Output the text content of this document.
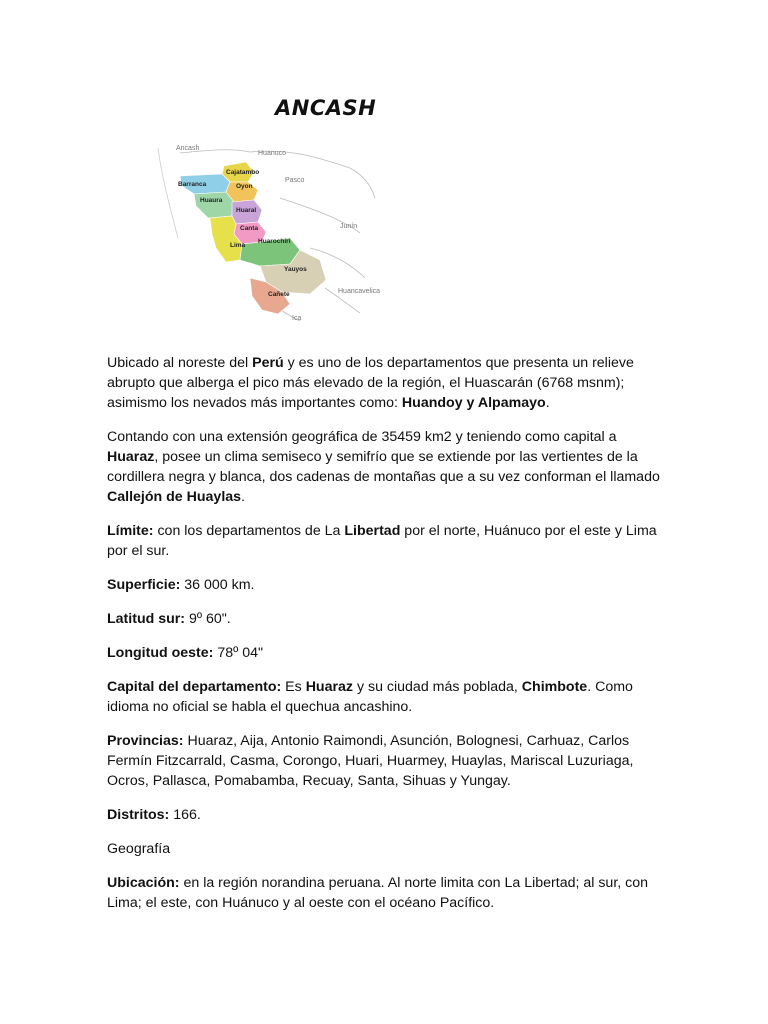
ANCASH
Ancash
Huanuco
Pasco
Junín
Huancavelica
Ica
Cajatambo
Barranca	Oyon
Huaura
Huaral
Canta
Lima
Huarochiri
Yauyos
Cañete

Ubicado al noreste del Perú y es uno de los departamentos que presenta un relieve abrupto que alberga el pico más elevado de la región, el Huascarán (6768 msnm); asimismo los nevados más importantes como: Huandoy y Alpamayo.

Contando con una extensión geográfica de 35459 km2 y teniendo como capital a Huaraz, posee un clima semiseco y semifrío que se extiende por las vertientes de la cordillera negra y blanca, dos cadenas de montañas que a su vez conforman el llamado Callejón de Huaylas.

Límite: con los departamentos de La Libertad por el norte, Huánuco por el este y Lima por el sur.

Superficie: 36 000 km.

Latitud sur: 9º 60".

Longitud oeste: 78º 04"

Capital del departamento: Es Huaraz y su ciudad más poblada, Chimbote. Como idioma no oficial se habla el quechua ancashino.

Provincias: Huaraz, Aija, Antonio Raimondi, Asunción, Bolognesi, Carhuaz, Carlos Fermín Fitzcarrald, Casma, Corongo, Huari, Huarmey, Huaylas, Mariscal Luzuriaga, Ocros, Pallasca, Pomabamba, Recuay, Santa, Sihuas y Yungay.

Distritos: 166.

Geografía

Ubicación: en la región norandina peruana. Al norte limita con La Libertad; al sur, con Lima; el este, con Huánuco y al oeste con el océano Pacífico.
